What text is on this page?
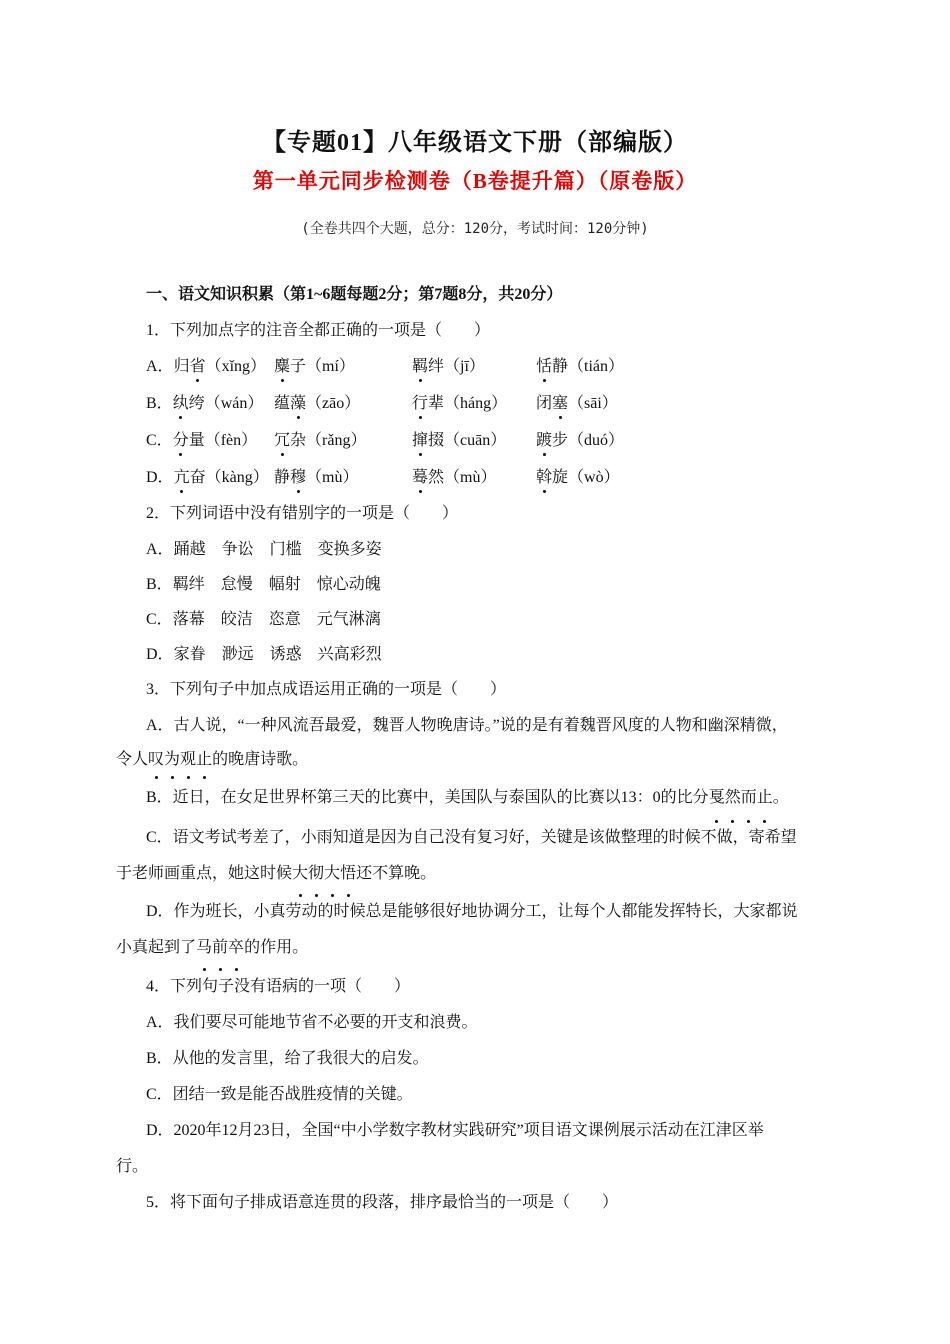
【专题01】八年级语文下册（部编版）
第一单元同步检测卷（B卷提升篇）（原卷版）
(全卷共四个大题，总分：120分，考试时间：120分钟)
一、语文知识积累（第1~6题每题2分；第7题8分，共20分）
1．下列加点字的注音全都正确的一项是（　　）
A．归省（xǐng） 麋子（mí）	羁绊（jī）	恬静（tián）
B．纨绔（wán） 蕴藻（zāo）	行辈（háng） 闭塞（sāi）
C．分量（fèn） 冗杂（rǎng）	撺掇（cuān） 踱步（duó）
D．亢奋（kàng） 静穆（mù）	蓦然（mù） 斡旋（wò）
2．下列词语中没有错别字的一项是（　　）
A．踊越 争讼 门槛 变换多姿
B．羁绊 怠慢 幅射 惊心动魄
C．落幕 皎洁 恣意 元气淋漓
D．家眷 渺远 诱惑 兴高彩烈
3．下列句子中加点成语运用正确的一项是（　　）
A．古人说，“一种风流吾最爱，魏晋人物晚唐诗。”说的是有着魏晋风度的人物和幽深精微，
令人叹为观止的晚唐诗歌。
B．近日，在女足世界杯第三天的比赛中，美国队与泰国队的比赛以13：0的比分戛然而止。
C．语文考试考差了，小雨知道是因为自己没有复习好，关键是该做整理的时候不做，寄希望
于老师画重点，她这时候大彻大悟还不算晚。
D．作为班长，小真劳动的时候总是能够很好地协调分工，让每个人都能发挥特长，大家都说
小真起到了马前卒的作用。
4．下列句子没有语病的一项（　　）
A．我们要尽可能地节省不必要的开支和浪费。
B．从他的发言里，给了我很大的启发。
C．团结一致是能否战胜疫情的关键。
D．2020年12月23日，全国“中小学数字教材实践研究”项目语文课例展示活动在江津区举
行。
5．将下面句子排成语意连贯的段落，排序最恰当的一项是（　　）
